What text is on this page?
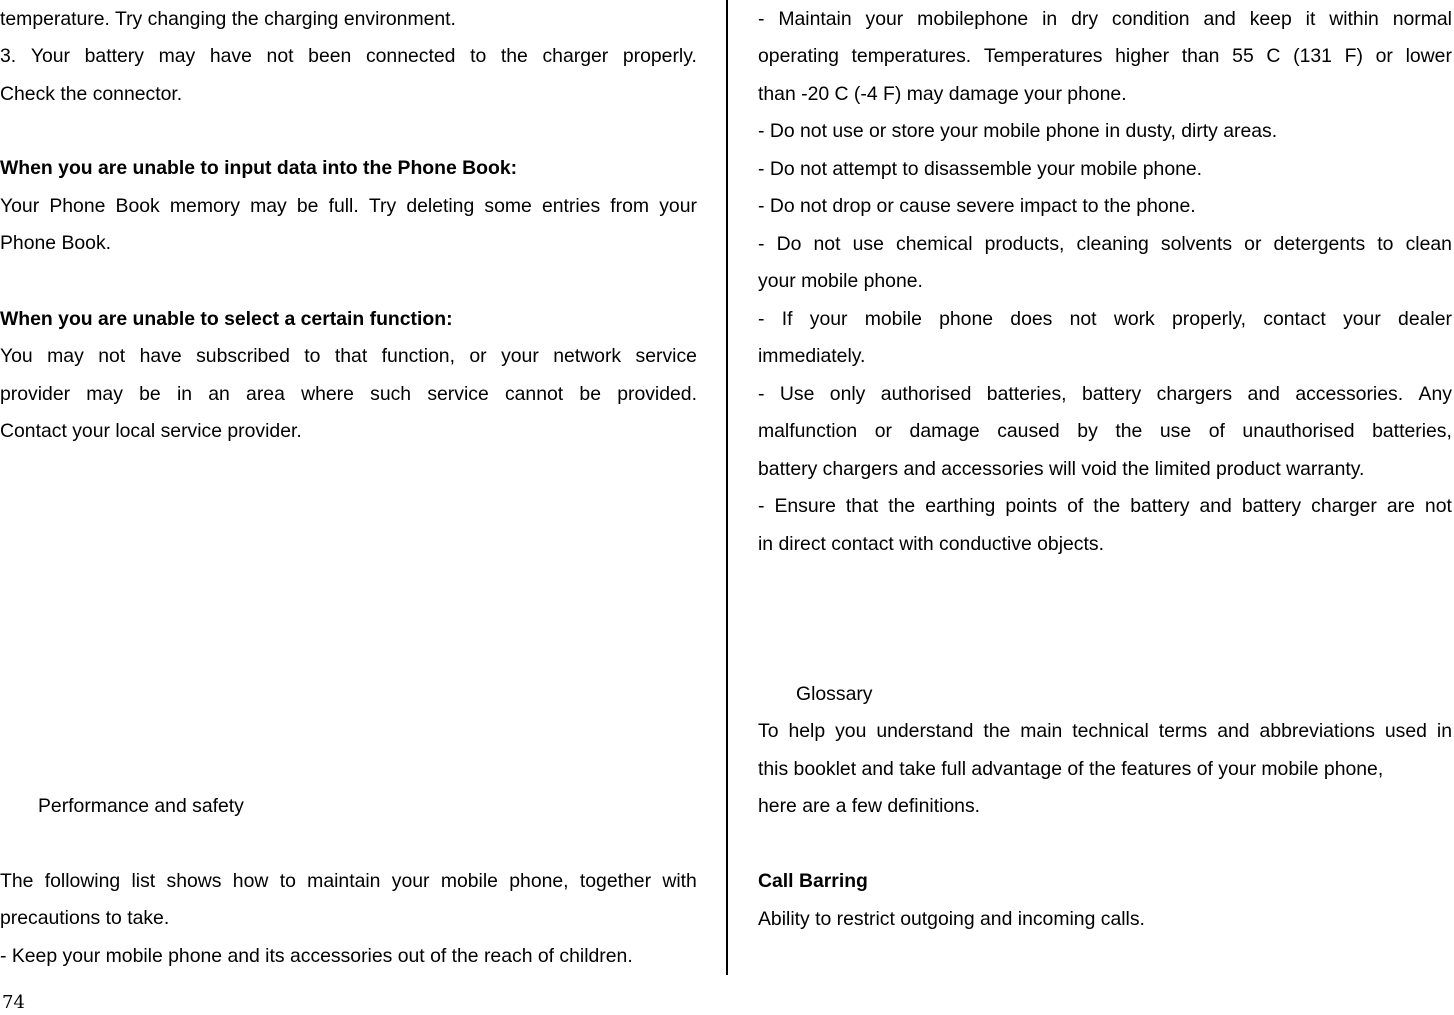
temperature. Try changing the charging environment.
3. Your battery may have not been connected to the charger properly.
Check the connector.
When you are unable to input data into the Phone Book:
Your Phone Book memory may be full. Try deleting some entries from your
Phone Book.
When you are unable to select a certain function:
You may not have subscribed to that function, or your network service
provider may be in an area where such service cannot be provided.
Contact your local service provider.
Performance and safety
The following list shows how to maintain your mobile phone, together with
precautions to take.
- Keep your mobile phone and its accessories out of the reach of children.
- Maintain your mobilephone in dry condition and keep it within normal
operating temperatures. Temperatures higher than 55 C (131 F) or lower
than -20 C (-4 F) may damage your phone.
- Do not use or store your mobile phone in dusty, dirty areas.
- Do not attempt to disassemble your mobile phone.
- Do not drop or cause severe impact to the phone.
- Do not use chemical products, cleaning solvents or detergents to clean
your mobile phone.
- If your mobile phone does not work properly, contact your dealer
immediately.
- Use only authorised batteries, battery chargers and accessories. Any
malfunction or damage caused by the use of unauthorised batteries,
battery chargers and accessories will void the limited product warranty.
- Ensure that the earthing points of the battery and battery charger are not
in direct contact with conductive objects.
Glossary
To help you understand the main technical terms and abbreviations used in
this booklet and take full advantage of the features of your mobile phone,
here are a few definitions.
Call Barring
Ability to restrict outgoing and incoming calls.
74
